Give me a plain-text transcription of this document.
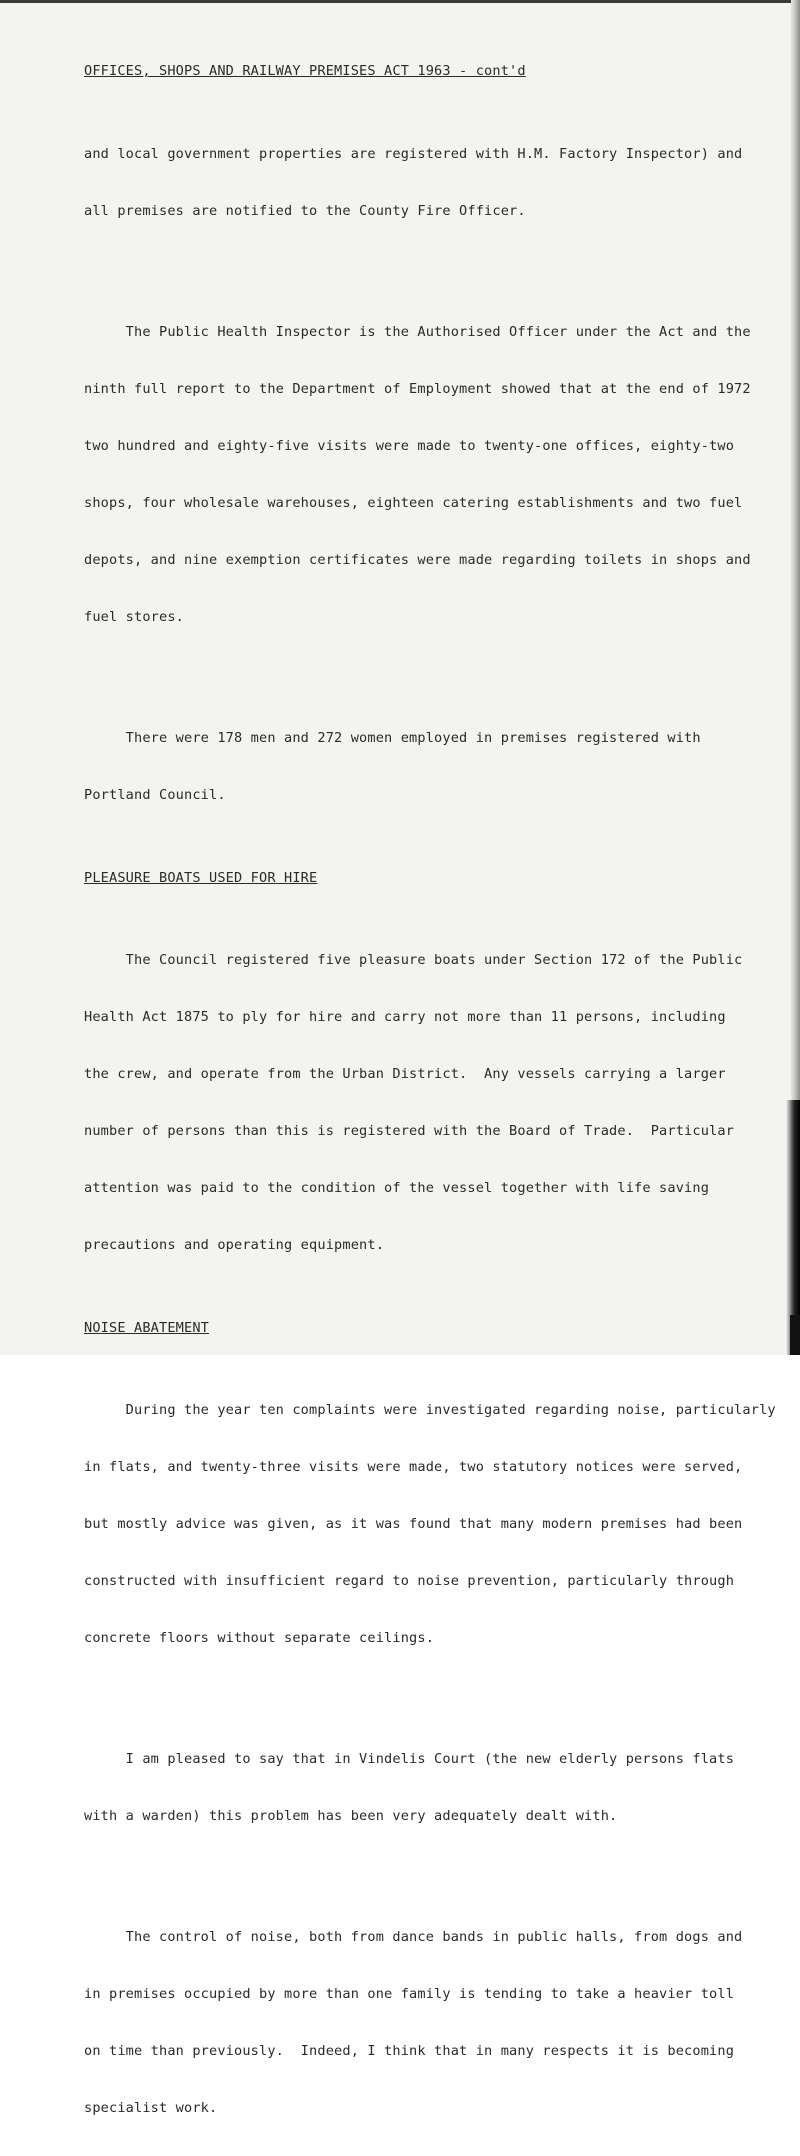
OFFICES, SHOPS AND RAILWAY PREMISES ACT 1963 - cont'd

and local government properties are registered with H.M. Factory Inspector) and

all premises are notified to the County Fire Officer.

The Public Health Inspector is the Authorised Officer under the Act and the

ninth full report to the Department of Employment showed that at the end of 1972

two hundred and eighty-five visits were made to twenty-one offices, eighty-two

shops, four wholesale warehouses, eighteen catering establishments and two fuel

depots, and nine exemption certificates were made regarding toilets in shops and

fuel stores.

There were 178 men and 272 women employed in premises registered with

Portland Council.

PLEASURE BOATS USED FOR HIRE

The Council registered five pleasure boats under Section 172 of the Public

Health Act 1875 to ply for hire and carry not more than 11 persons, including

the crew, and operate from the Urban District.  Any vessels carrying a larger

number of persons than this is registered with the Board of Trade.  Particular

attention was paid to the condition of the vessel together with life saving

precautions and operating equipment.

NOISE ABATEMENT

During the year ten complaints were investigated regarding noise, particularly

in flats, and twenty-three visits were made, two statutory notices were served,

but mostly advice was given, as it was found that many modern premises had been

constructed with insufficient regard to noise prevention, particularly through

concrete floors without separate ceilings.

I am pleased to say that in Vindelis Court (the new elderly persons flats

with a warden) this problem has been very adequately dealt with.

The control of noise, both from dance bands in public halls, from dogs and

in premises occupied by more than one family is tending to take a heavier toll

on time than previously.  Indeed, I think that in many respects it is becoming

specialist work.
